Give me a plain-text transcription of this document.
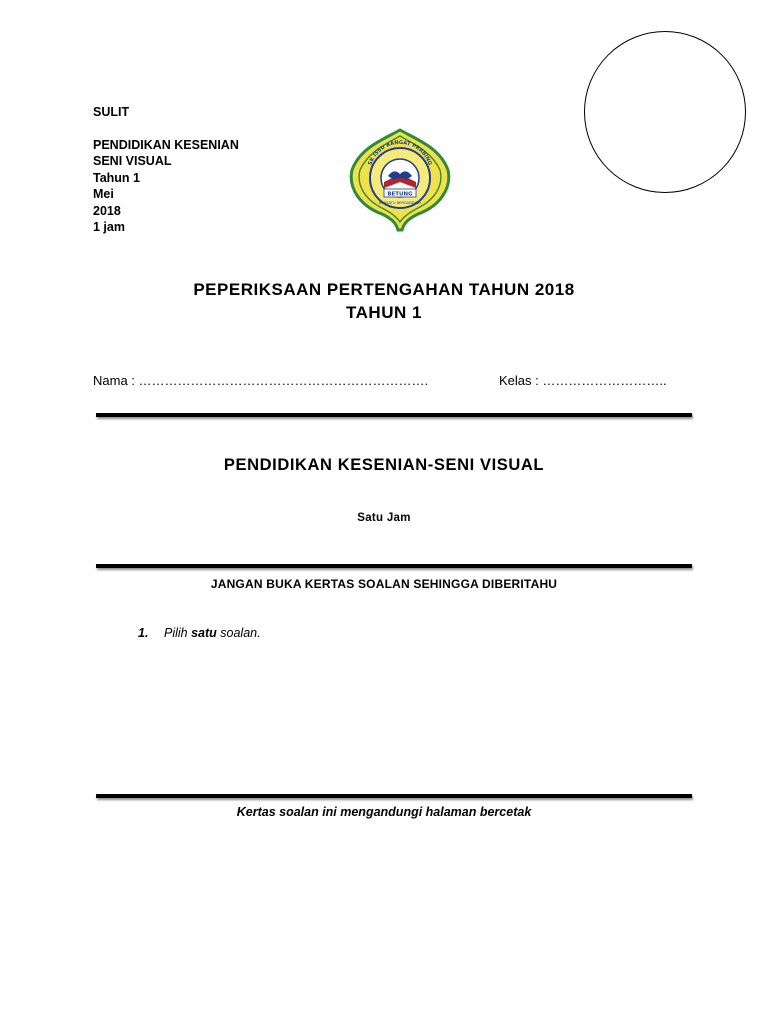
SULIT
PENDIDIKAN KESENIAN
SENI VISUAL
Tahun 1
Mei
2018
1 jam
SK ISSU BANGAT PRABING
BETUNG
BERSATU BERGANDING
PEPERIKSAAN PERTENGAHAN TAHUN 2018
TAHUN 1
Nama : ………………………………………………………….	Kelas : ………………………..
PENDIDIKAN KESENIAN-SENI VISUAL
Satu Jam
JANGAN BUKA KERTAS SOALAN SEHINGGA DIBERITAHU
1. Pilih satu soalan.
Kertas soalan ini mengandungi halaman bercetak
